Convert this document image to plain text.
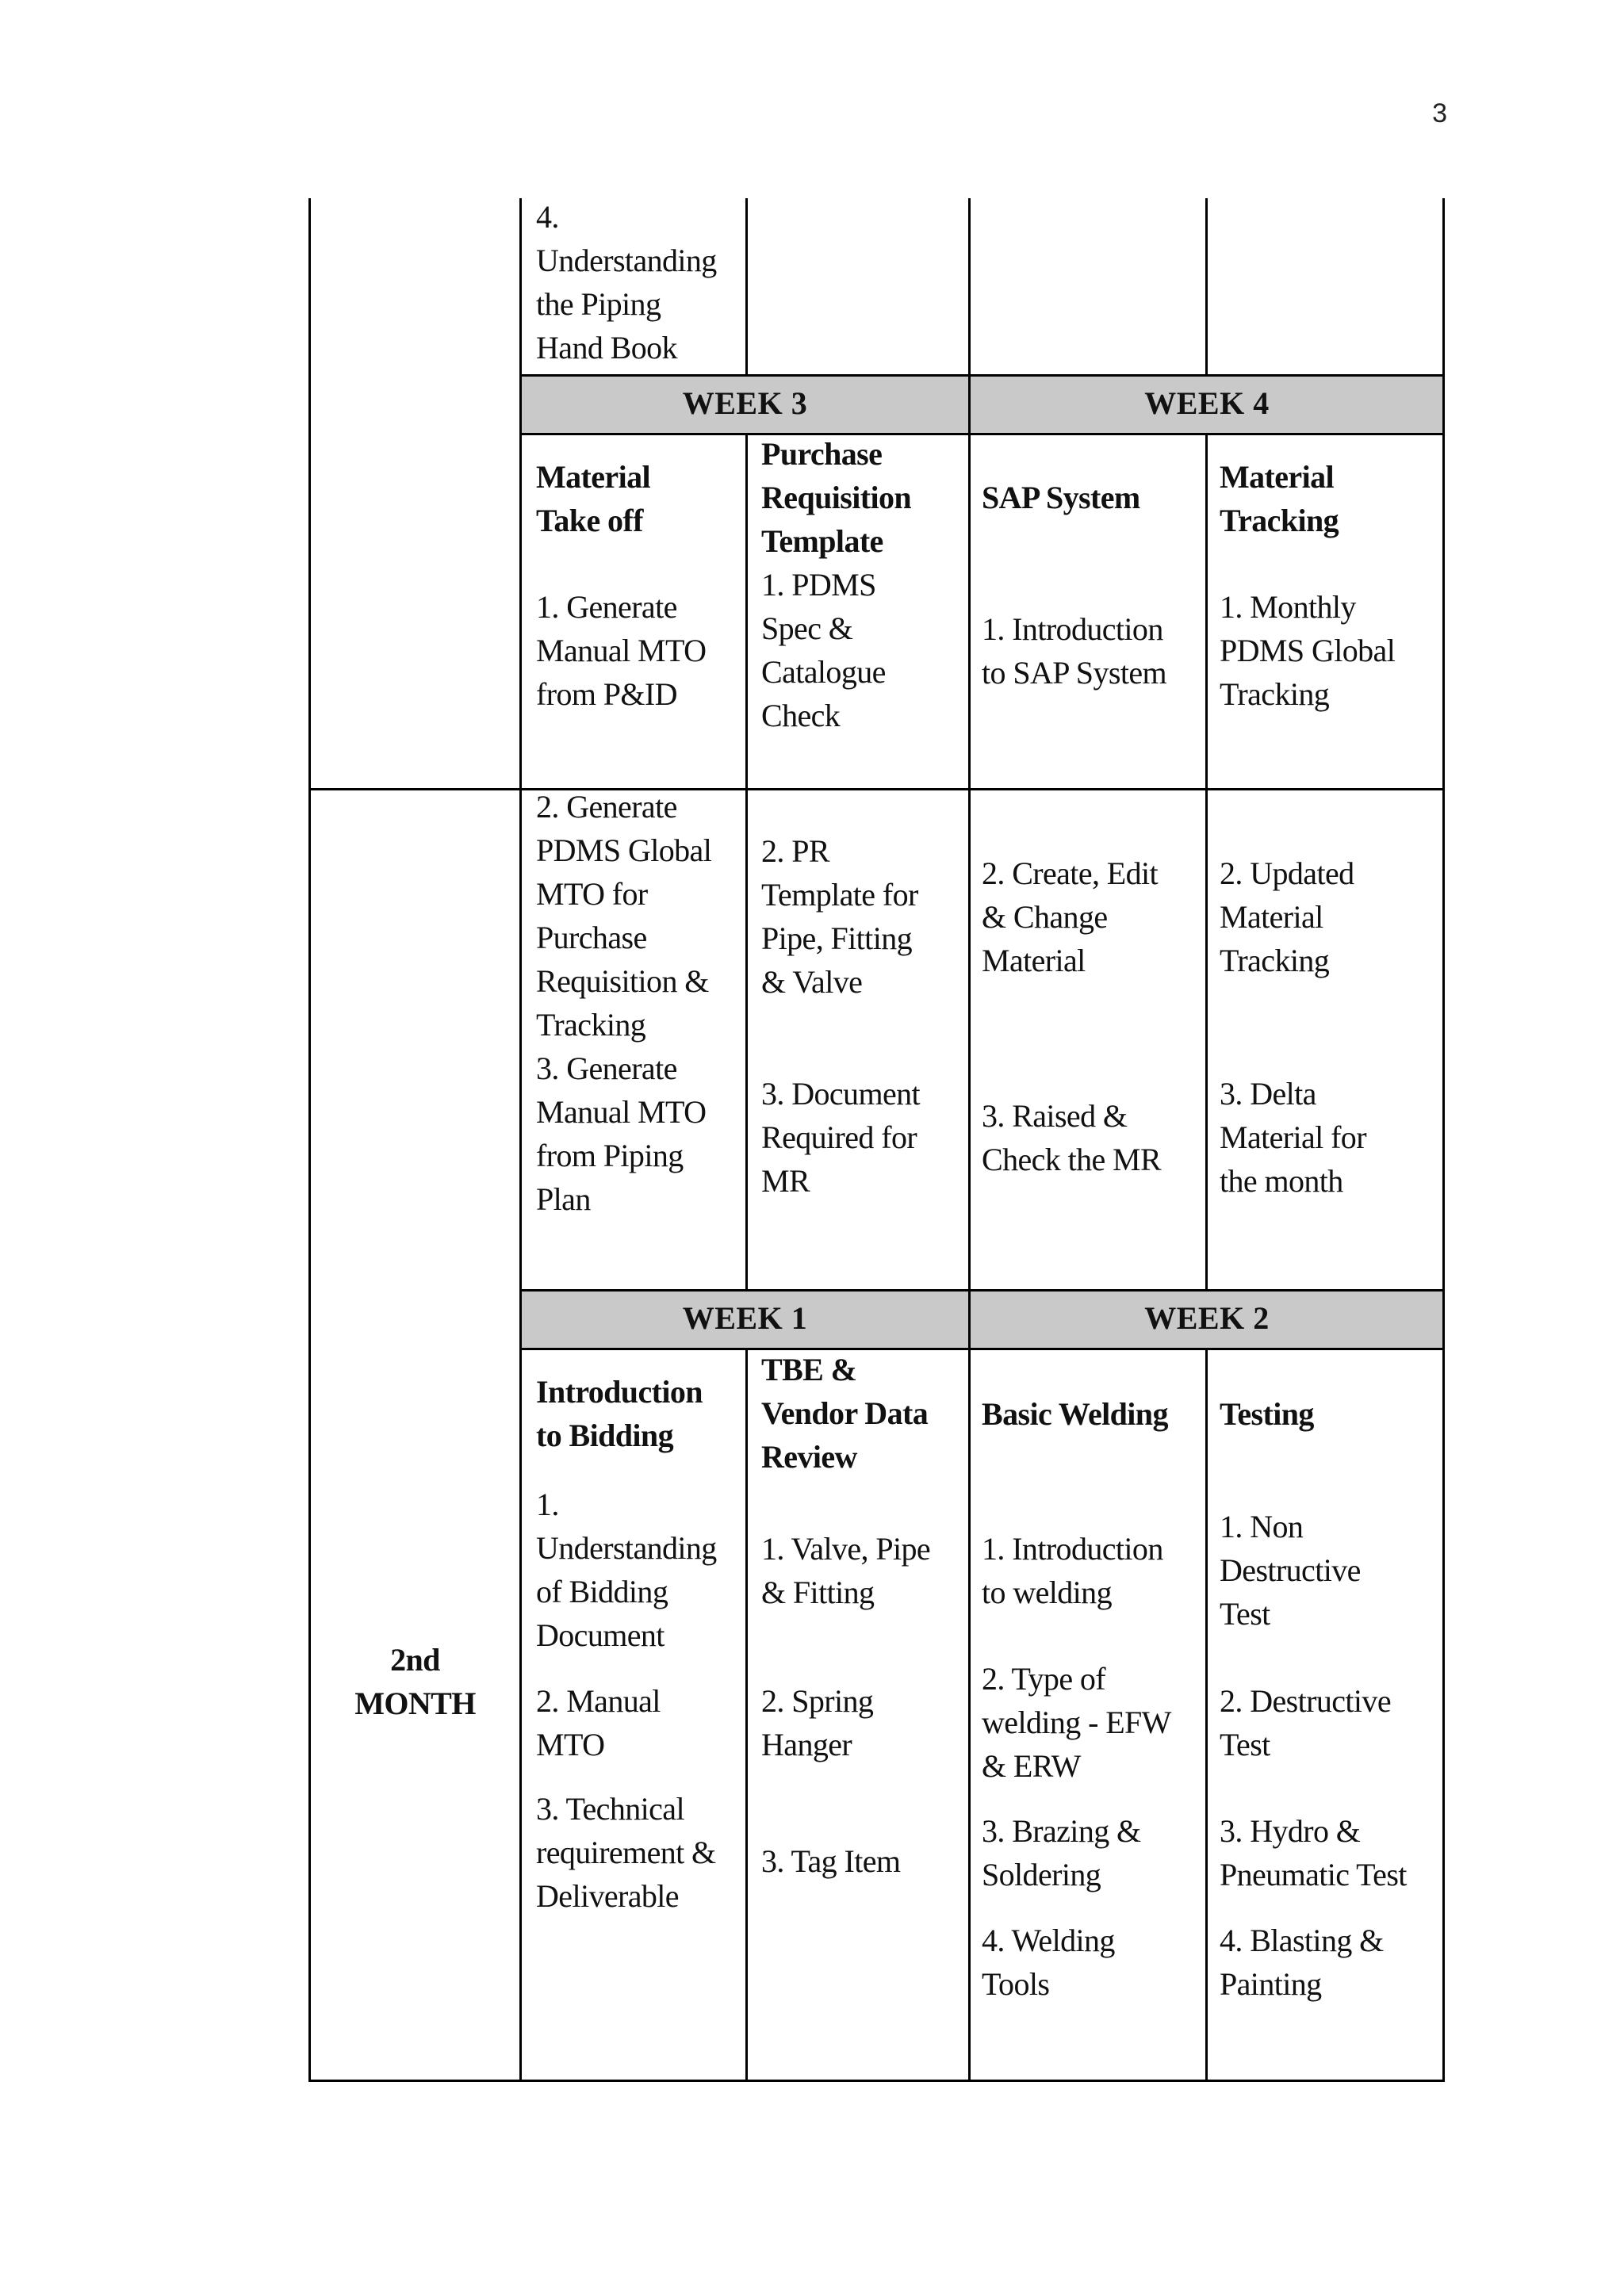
3
4.
Understanding
the Piping
Hand Book
WEEK 3	WEEK 4
Material
Take off
1. Generate
Manual MTO
from P&ID
Purchase
Requisition
Template
1. PDMS
Spec &
Catalogue
Check
SAP System
1. Introduction
to SAP System
Material
Tracking
1. Monthly
PDMS Global
Tracking
2. Generate
PDMS Global
MTO for
Purchase
Requisition &
Tracking
3. Generate
Manual MTO
from Piping
Plan
2. PR
Template for
Pipe, Fitting
& Valve
3. Document
Required for
MR
2. Create, Edit
& Change
Material
3. Raised &
Check the MR
2. Updated
Material
Tracking
3. Delta
Material for
the month
WEEK 1	WEEK 2
2nd
MONTH
Introduction
to Bidding
1.
Understanding
of Bidding
Document
2. Manual
MTO
3. Technical
requirement &
Deliverable
TBE &
Vendor Data
Review
1. Valve, Pipe
& Fitting
2. Spring
Hanger
3. Tag Item
Basic Welding
1. Introduction
to welding
2. Type of
welding - EFW
& ERW
3. Brazing &
Soldering
4. Welding
Tools
Testing
1. Non
Destructive
Test
2. Destructive
Test
3. Hydro &
Pneumatic Test
4. Blasting &
Painting
